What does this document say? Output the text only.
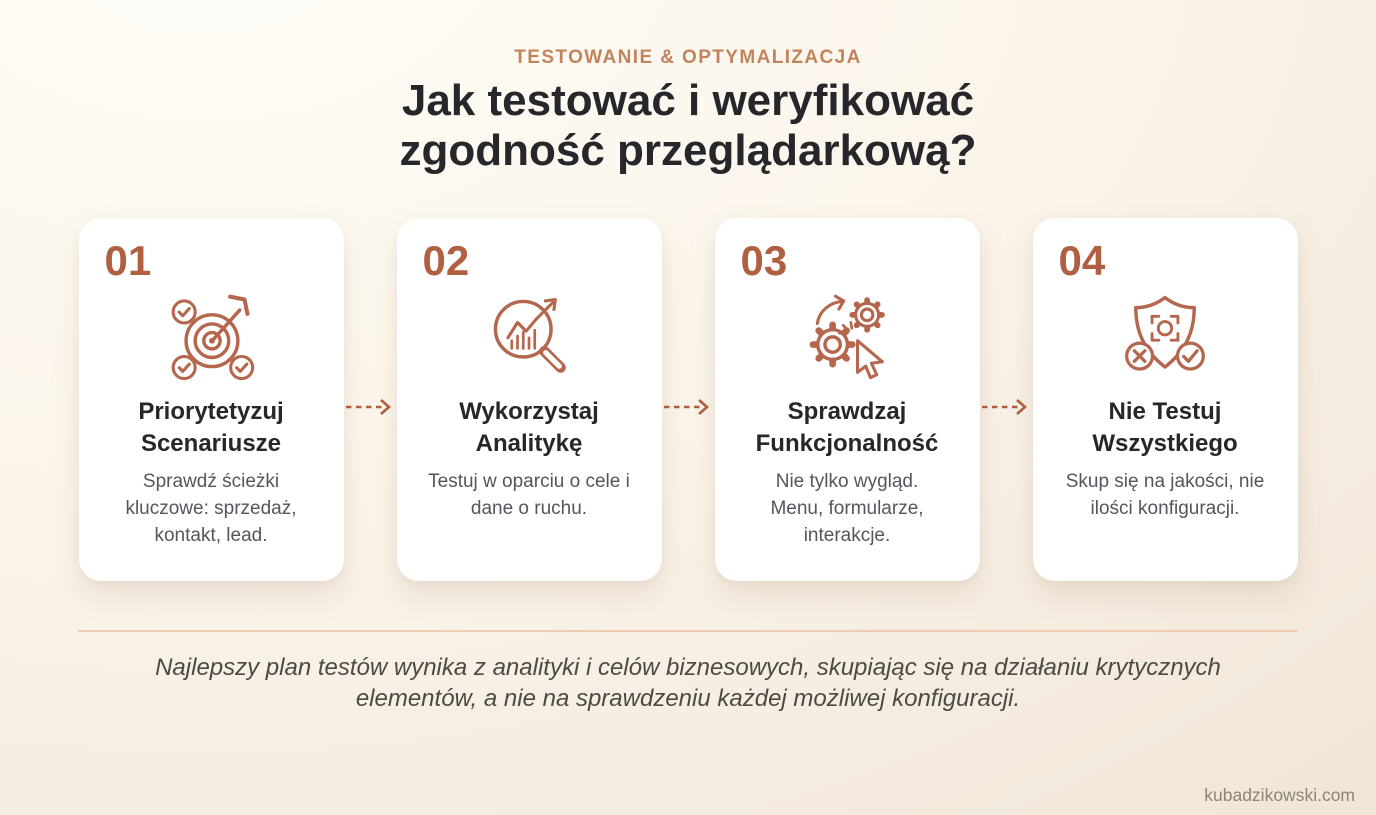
TESTOWANIE & OPTYMALIZACJA
Jak testować i weryfikować
zgodność przeglądarkową?
01
Priorytetyzuj Scenariusze
Sprawdź ścieżki kluczowe: sprzedaż, kontakt, lead.
02
Wykorzystaj Analitykę
Testuj w oparciu o cele i dane o ruchu.
03
Sprawdzaj Funkcjonalność
Nie tylko wygląd. Menu, formularze, interakcje.
04
Nie Testuj Wszystkiego
Skup się na jakości, nie ilości konfiguracji.

Najlepszy plan testów wynika z analityki i celów biznesowych, skupiając się na działaniu krytycznych elementów, a nie na sprawdzeniu każdej możliwej konfiguracji.

kubadzikowski.com
